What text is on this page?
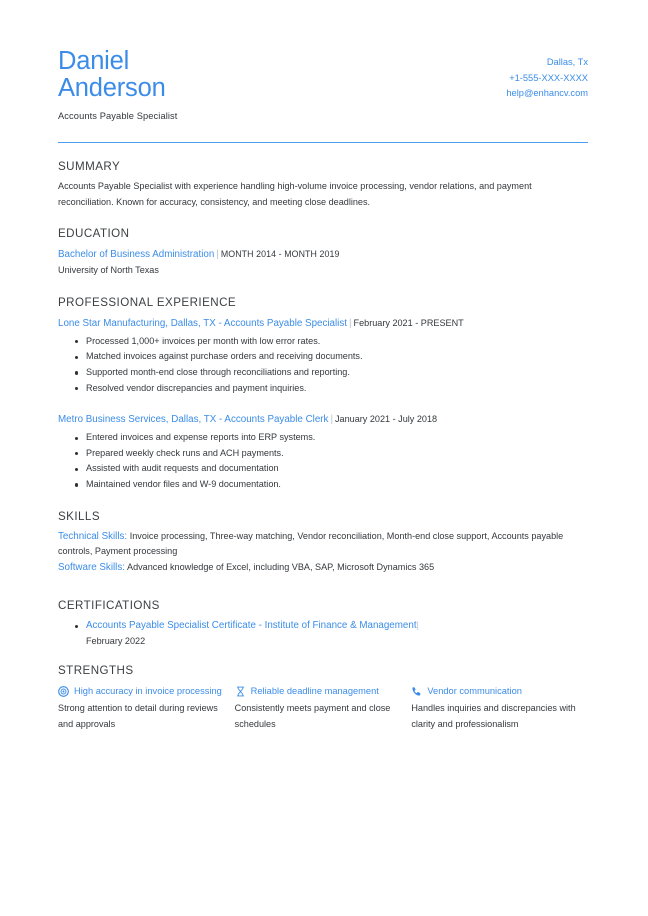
Daniel
Anderson
Accounts Payable Specialist
Dallas, Tx
+1-555-XXX-XXXX
help@enhancv.com
SUMMARY
Accounts Payable Specialist with experience handling high-volume invoice processing, vendor relations, and payment reconciliation. Known for accuracy, consistency, and meeting close deadlines.
EDUCATION
Bachelor of Business Administration | MONTH 2014 - MONTH 2019
University of North Texas
PROFESSIONAL EXPERIENCE
Lone Star Manufacturing, Dallas, TX - Accounts Payable Specialist | February 2021 - PRESENT
Processed 1,000+ invoices per month with low error rates.
Matched invoices against purchase orders and receiving documents.
Supported month-end close through reconciliations and reporting.
Resolved vendor discrepancies and payment inquiries.
Metro Business Services, Dallas, TX - Accounts Payable Clerk | January 2021 - July 2018
Entered invoices and expense reports into ERP systems.
Prepared weekly check runs and ACH payments.
Assisted with audit requests and documentation
Maintained vendor files and W-9 documentation.
SKILLS
Technical Skills: Invoice processing, Three-way matching, Vendor reconciliation, Month-end close support, Accounts payable controls, Payment processing
Software Skills: Advanced knowledge of Excel, including VBA, SAP, Microsoft Dynamics 365
CERTIFICATIONS
Accounts Payable Specialist Certificate - Institute of Finance & Management|
February 2022
STRENGTHS
High accuracy in invoice processing
Strong attention to detail during reviews and approvals
Reliable deadline management
Consistently meets payment and close schedules
Vendor communication
Handles inquiries and discrepancies with clarity and professionalism
